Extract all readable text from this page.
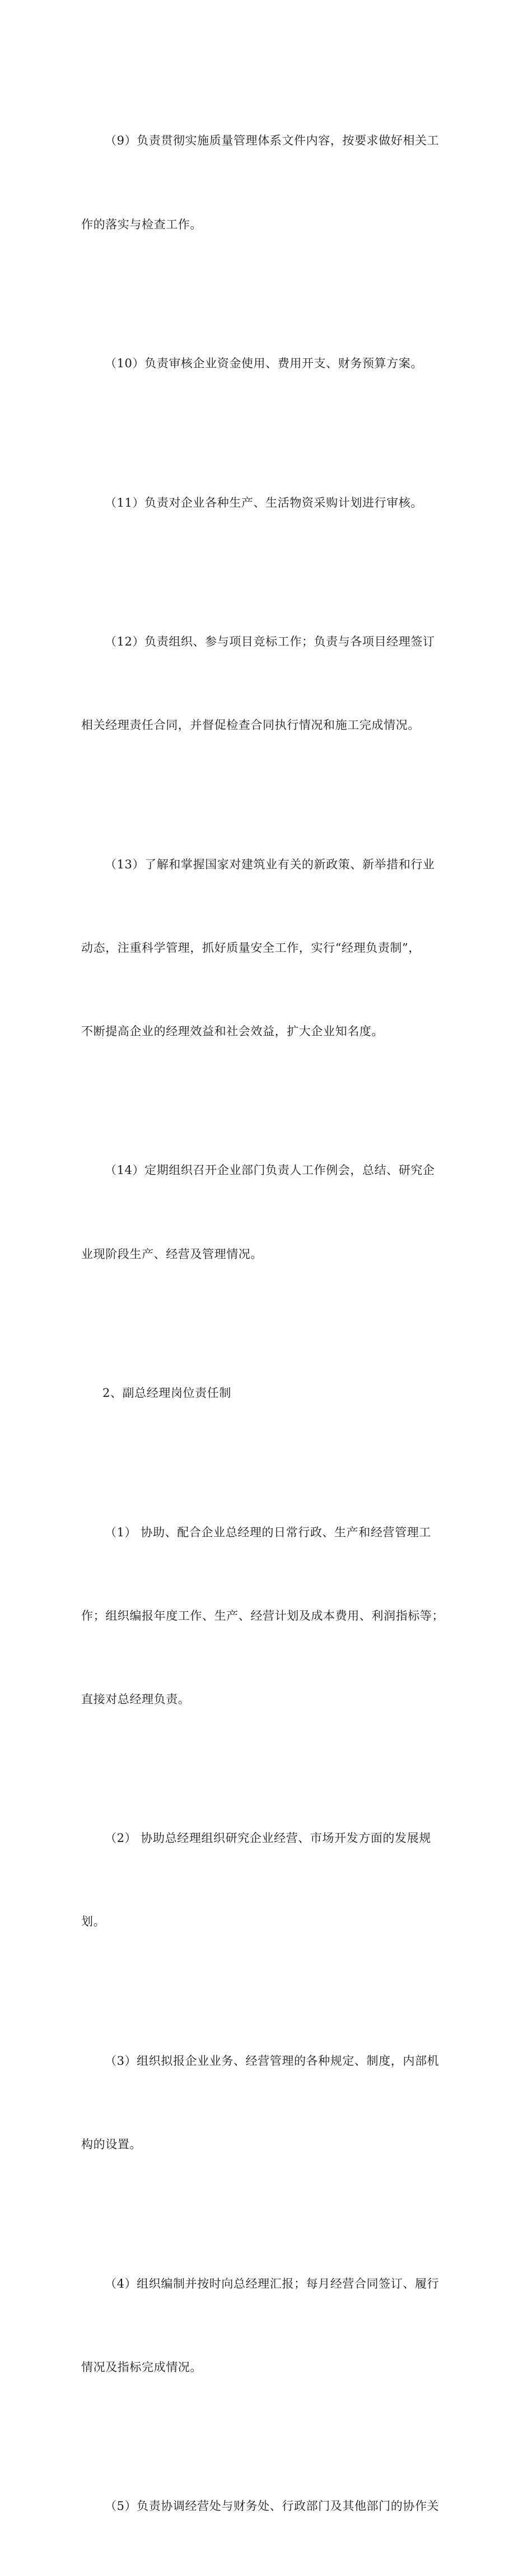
（9）负责贯彻实施质量管理体系文件内容，按要求做好相关工

作的落实与检查工作。

（10）负责审核企业资金使用、费用开支、财务预算方案。

（11）负责对企业各种生产、生活物资采购计划进行审核。

（12）负责组织、参与项目竞标工作；负责与各项目经理签订

相关经理责任合同，并督促检查合同执行情况和施工完成情况。

（13）了解和掌握国家对建筑业有关的新政策、新举措和行业

动态，注重科学管理，抓好质量安全工作，实行“经理负责制”，

不断提高企业的经理效益和社会效益，扩大企业知名度。

（14）定期组织召开企业部门负责人工作例会，总结、研究企

业现阶段生产、经营及管理情况。

2、副总经理岗位责任制

（1） 协助、配合企业总经理的日常行政、生产和经营管理工

作；组织编报年度工作、生产、经营计划及成本费用、利润指标等；

直接对总经理负责。

（2） 协助总经理组织研究企业经营、市场开发方面的发展规

划。

（3）组织拟报企业业务、经营管理的各种规定、制度，内部机

构的设置。

（4）组织编制并按时向总经理汇报；每月经营合同签订、履行

情况及指标完成情况。

（5）负责协调经营处与财务处、行政部门及其他部门的协作关
